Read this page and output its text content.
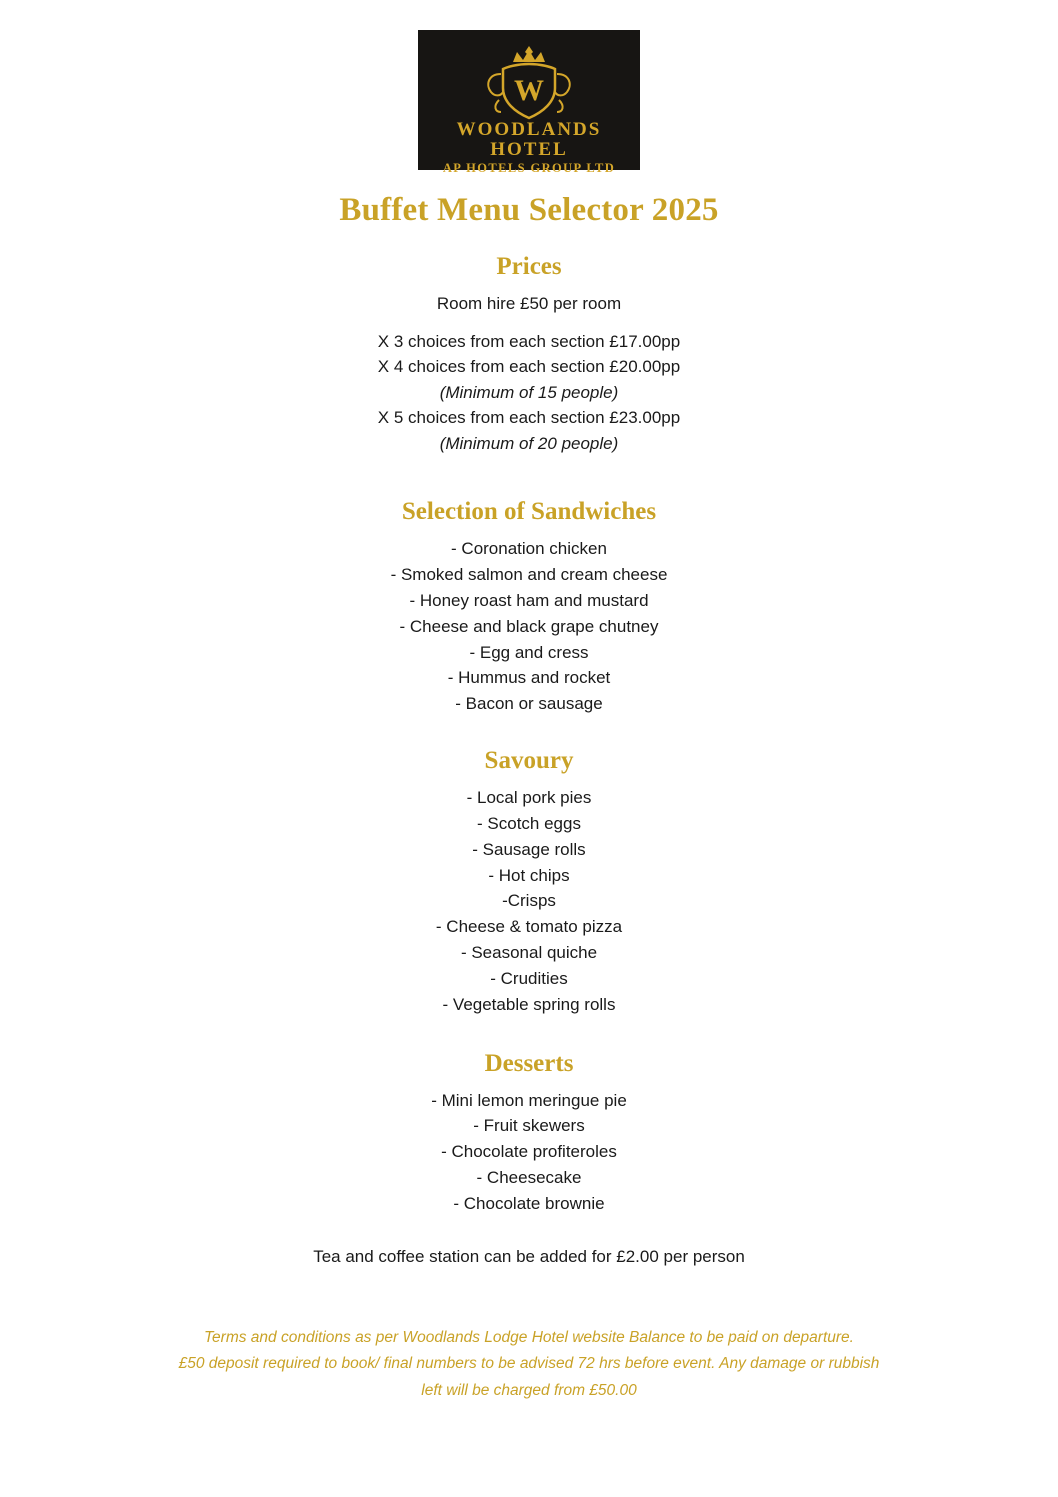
W
WOODLANDS HOTEL
AP HOTELS GROUP LTD
Buffet Menu Selector 2025
Prices
Room hire £50 per room
X 3 choices from each section £17.00pp
X 4 choices from each section £20.00pp
(Minimum of 15 people)
X 5 choices from each section £23.00pp
(Minimum of 20 people)
Selection of Sandwiches
- Coronation chicken
- Smoked salmon and cream cheese
- Honey roast ham and mustard
- Cheese and black grape chutney
- Egg and cress
- Hummus and rocket
- Bacon or sausage
Savoury
- Local pork pies
- Scotch eggs
- Sausage rolls
- Hot chips
-Crisps
- Cheese & tomato pizza
- Seasonal quiche
- Crudities
- Vegetable spring rolls
Desserts
- Mini lemon meringue pie
- Fruit skewers
- Chocolate profiteroles
- Cheesecake
- Chocolate brownie
Tea and coffee station can be added for £2.00 per person
Terms and conditions as per Woodlands Lodge Hotel website Balance to be paid on departure.
£50 deposit required to book/ final numbers to be advised 72 hrs before event. Any damage or rubbish
left will be charged from £50.00
